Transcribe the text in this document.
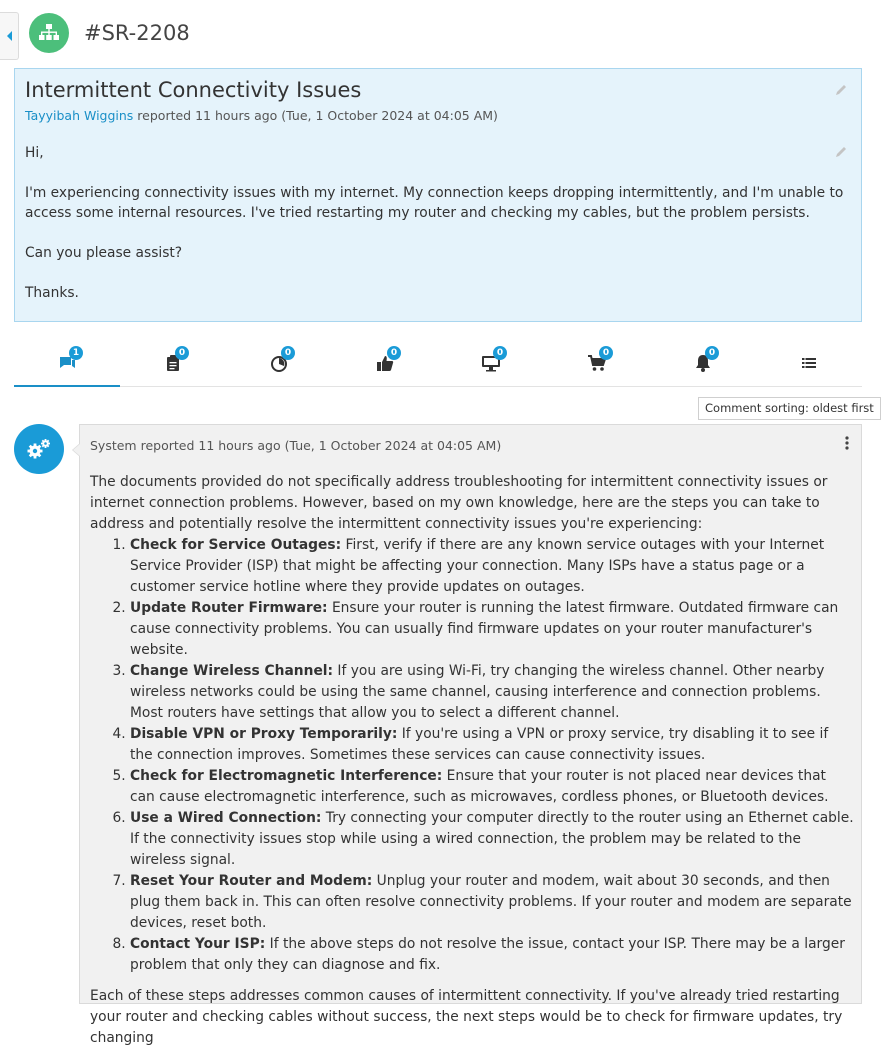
#SR-2208
Intermittent Connectivity Issues
Tayyibah Wiggins reported 11 hours ago (Tue, 1 October 2024 at 04:05 AM)

Hi,

I'm experiencing connectivity issues with my internet. My connection keeps dropping intermittently, and I'm unable to access some internal resources. I've tried restarting my router and checking my cables, but the problem persists.

Can you please assist?

Thanks.

1	0	0	0	0	0	0
Comment sorting: oldest first
System reported 11 hours ago (Tue, 1 October 2024 at 04:05 AM)

The documents provided do not specifically address troubleshooting for intermittent connectivity issues or internet connection problems. However, based on my own knowledge, here are the steps you can take to address and potentially resolve the intermittent connectivity issues you're experiencing:

1. Check for Service Outages: First, verify if there are any known service outages with your Internet Service Provider (ISP) that might be affecting your connection. Many ISPs have a status page or a customer service hotline where they provide updates on outages.
2. Update Router Firmware: Ensure your router is running the latest firmware. Outdated firmware can cause connectivity problems. You can usually find firmware updates on your router manufacturer's website.
3. Change Wireless Channel: If you are using Wi-Fi, try changing the wireless channel. Other nearby wireless networks could be using the same channel, causing interference and connection problems. Most routers have settings that allow you to select a different channel.
4. Disable VPN or Proxy Temporarily: If you're using a VPN or proxy service, try disabling it to see if the connection improves. Sometimes these services can cause connectivity issues.
5. Check for Electromagnetic Interference: Ensure that your router is not placed near devices that can cause electromagnetic interference, such as microwaves, cordless phones, or Bluetooth devices.
6. Use a Wired Connection: Try connecting your computer directly to the router using an Ethernet cable. If the connectivity issues stop while using a wired connection, the problem may be related to the wireless signal.
7. Reset Your Router and Modem: Unplug your router and modem, wait about 30 seconds, and then plug them back in. This can often resolve connectivity problems. If your router and modem are separate devices, reset both.
8. Contact Your ISP: If the above steps do not resolve the issue, contact your ISP. There may be a larger problem that only they can diagnose and fix.

Each of these steps addresses common causes of intermittent connectivity. If you've already tried restarting your router and checking cables without success, the next steps would be to check for firmware updates, try changing
